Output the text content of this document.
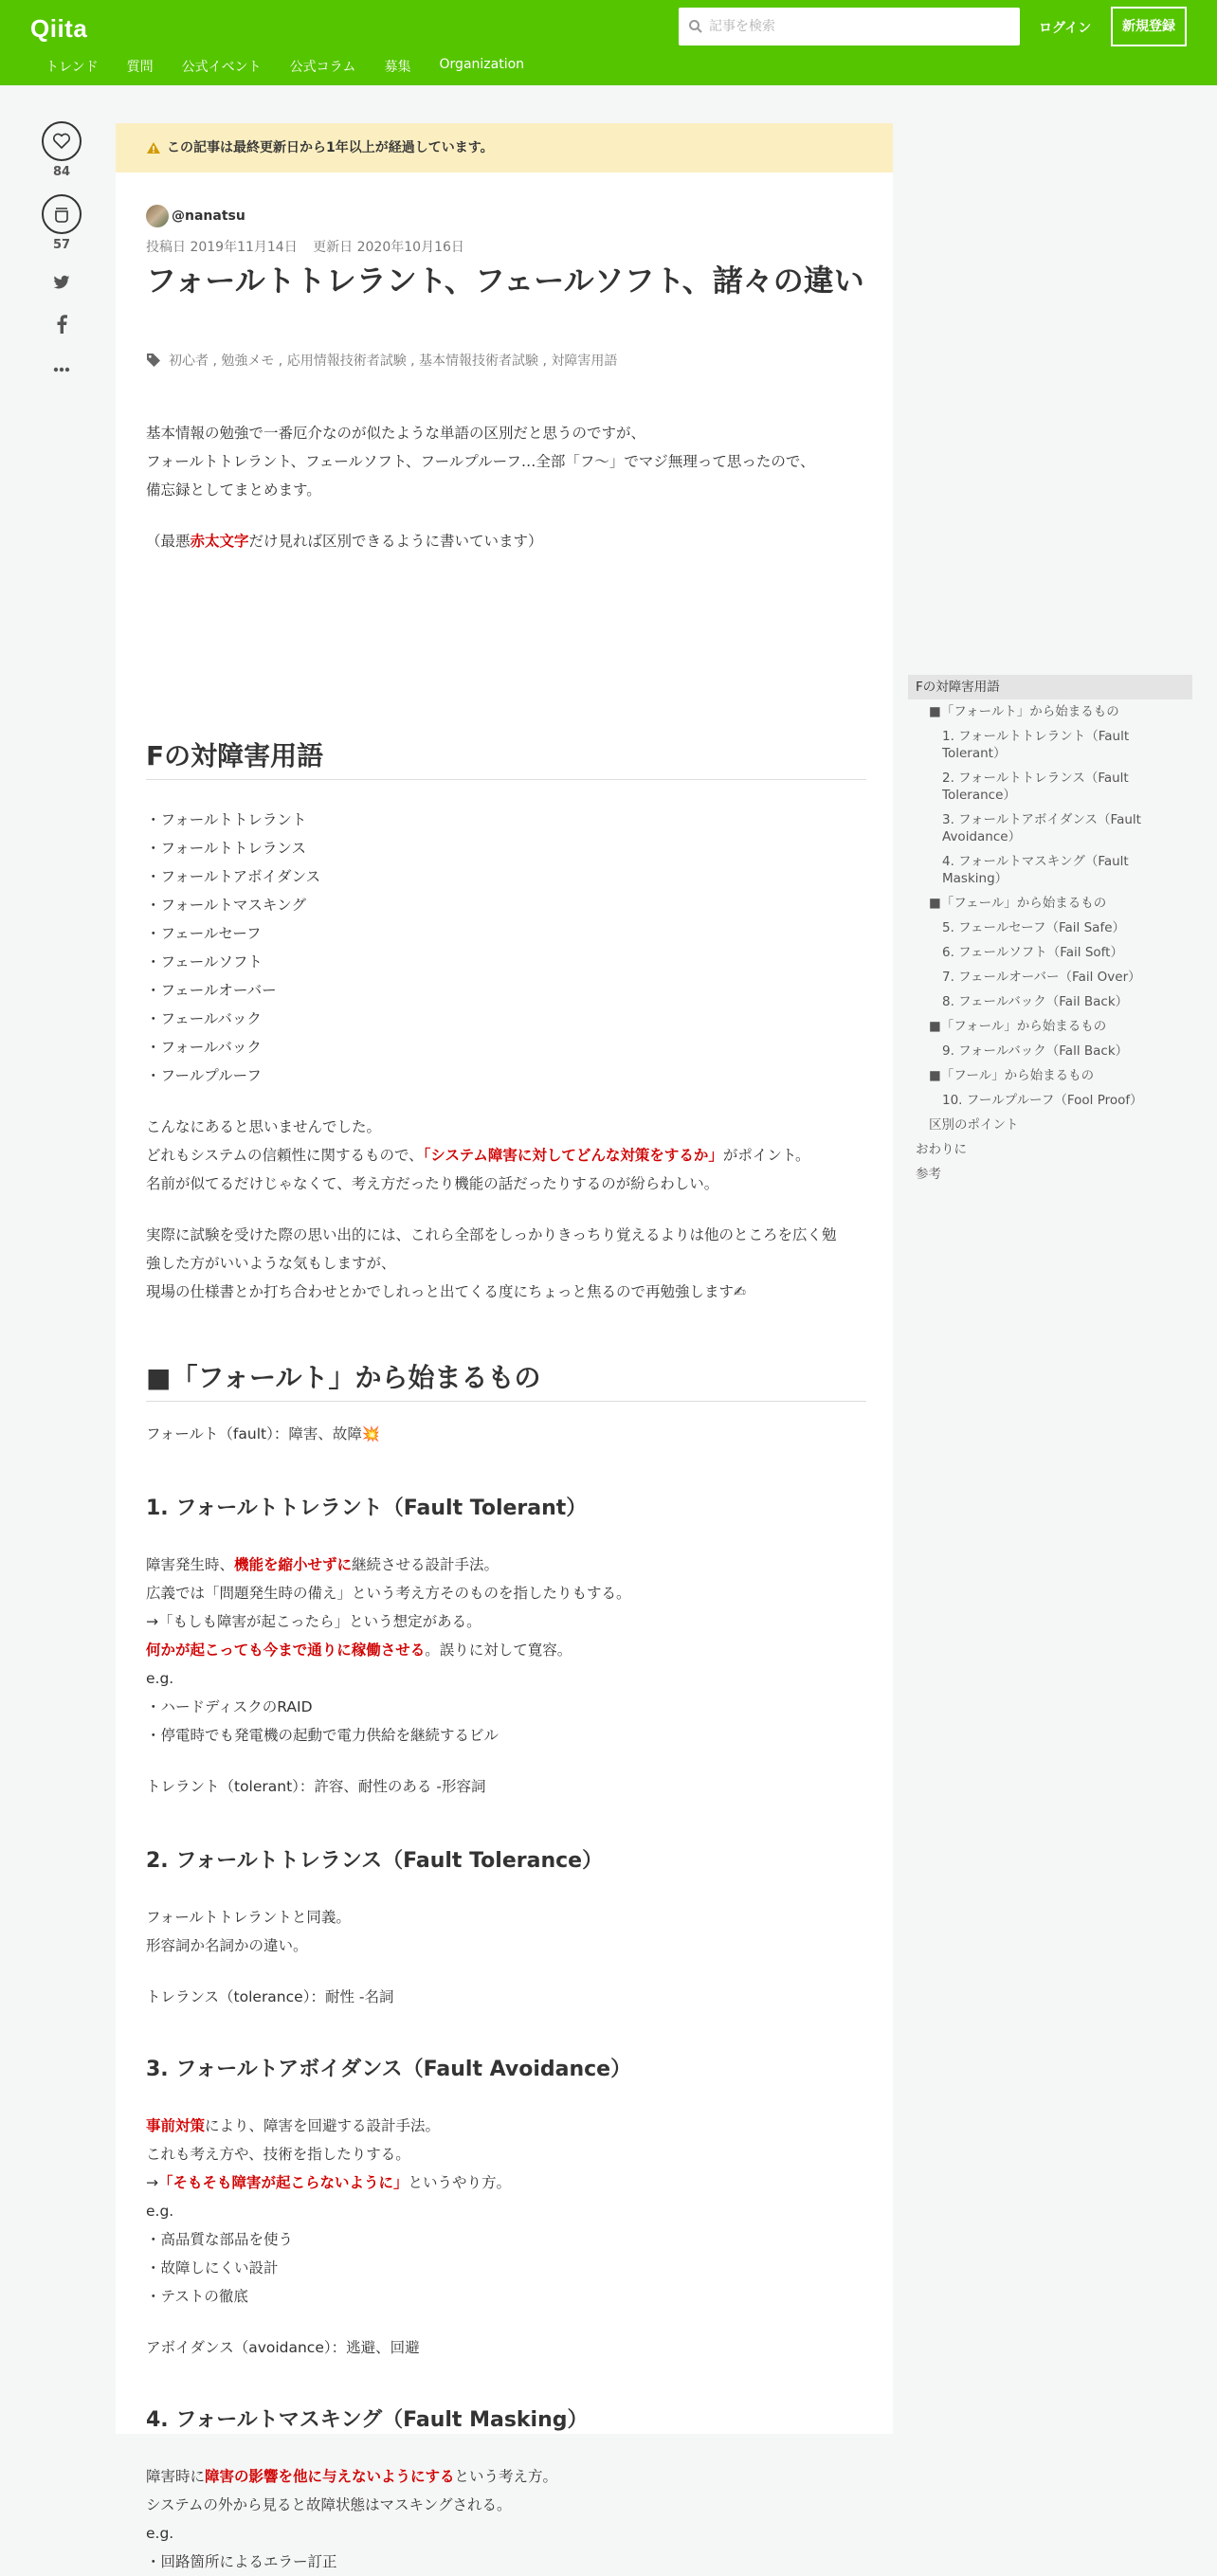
Qiita
記事を検索	ログイン	新規登録
トレンド 質問 公式イベント 公式コラム 募集 Organization
84
57
この記事は最終更新日から1年以上が経過しています。
@nanatsu
投稿日 2019年11月14日 更新日 2020年10月16日
フォールトトレラント、フェールソフト、諸々の違い
初心者 , 勉強メモ , 応用情報技術者試験 , 基本情報技術者試験 , 対障害用語

基本情報の勉強で一番厄介なのが似たような単語の区別だと思うのですが、

フォールトトレラント、フェールソフト、フールプルーフ…全部「フ～」でマジ無理って思ったので、

備忘録としてまとめます。

（最悪赤太文字だけ見れば区別できるように書いています）

Fの対障害用語

・フォールトトレラント

・フォールトトレランス

・フォールトアボイダンス

・フォールトマスキング

・フェールセーフ

・フェールソフト

・フェールオーバー

・フェールバック

・フォールバック

・フールプルーフ

こんなにあると思いませんでした。

どれもシステムの信頼性に関するもので、「システム障害に対してどんな対策をするか」がポイント。

名前が似てるだけじゃなくて、考え方だったり機能の話だったりするのが紛らわしい。

実際に試験を受けた際の思い出的には、これら全部をしっかりきっちり覚えるよりは他のところを広く勉

強した方がいいような気もしますが、

現場の仕様書とか打ち合わせとかでしれっと出てくる度にちょっと焦るので再勉強します✍

■「フォールト」から始まるもの

フォールト（fault）：障害、故障💥

1. フォールトトレラント（Fault Tolerant）

障害発生時、機能を縮小せずに継続させる設計手法。

広義では「問題発生時の備え」という考え方そのものを指したりもする。

→「もしも障害が起こったら」という想定がある。

何かが起こっても今まで通りに稼働させる。誤りに対して寛容。

e.g.

・ハードディスクのRAID

・停電時でも発電機の起動で電力供給を継続するビル

トレラント（tolerant）：許容、耐性のある -形容詞

2. フォールトトレランス（Fault Tolerance）

フォールトトレラントと同義。

形容詞か名詞かの違い。

トレランス（tolerance）：耐性 -名詞

3. フォールトアボイダンス（Fault Avoidance）

事前対策により、障害を回避する設計手法。

これも考え方や、技術を指したりする。

→「そもそも障害が起こらないように」というやり方。

e.g.

・高品質な部品を使う

・故障しにくい設計

・テストの徹底

アボイダンス（avoidance）：逃避、回避

4. フォールトマスキング（Fault Masking）

障害時に障害の影響を他に与えないようにするという考え方。

システムの外から見ると故障状態はマスキングされる。

e.g.

・回路箇所によるエラー訂正

Fの対障害用語
■「フォールト」から始まるもの
1. フォールトトレラント（Fault Tolerant）
2. フォールトトレランス（Fault Tolerance）
3. フォールトアボイダンス（Fault Avoidance）
4. フォールトマスキング（Fault Masking）
■「フェール」から始まるもの
5. フェールセーフ（Fail Safe）
6. フェールソフト（Fail Soft）
7. フェールオーバー（Fail Over）
8. フェールバック（Fail Back）
■「フォール」から始まるもの
9. フォールバック（Fall Back）
■「フール」から始まるもの
10. フールプルーフ（Fool Proof）
区別のポイント
おわりに
参考
